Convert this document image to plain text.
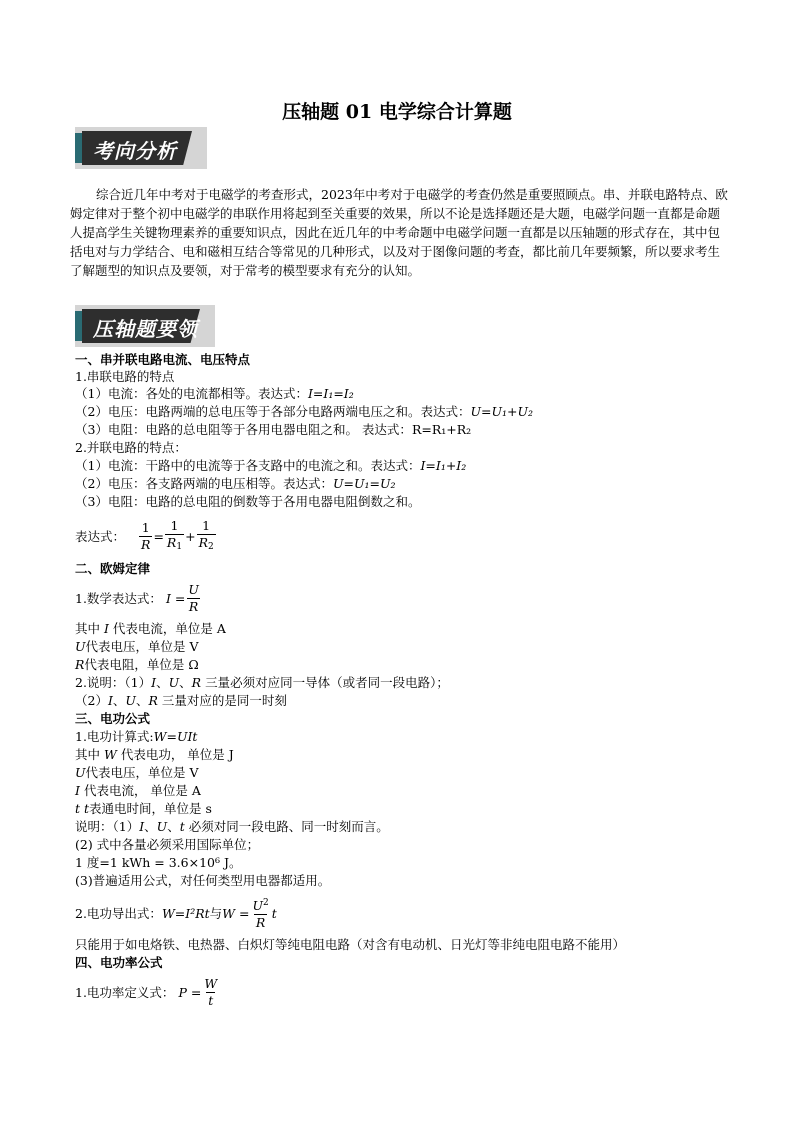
压轴题 01 电学综合计算题
考向分析
综合近几年中考对于电磁学的考查形式，2023年中考对于电磁学的考查仍然是重要照顾点。串、并联电路特点、欧姆定律对于整个初中电磁学的串联作用将起到至关重要的效果，所以不论是选择题还是大题，电磁学问题一直都是命题人提高学生关键物理素养的重要知识点，因此在近几年的中考命题中电磁学问题一直都是以压轴题的形式存在，其中包括电对与力学结合、电和磁相互结合等常见的几种形式，以及对于图像问题的考查，都比前几年要频繁，所以要求考生了解题型的知识点及要领，对于常考的模型要求有充分的认知。
压轴题要领
一、串并联电路电流、电压特点
1.串联电路的特点
（1）电流：各处的电流都相等。表达式：I=I₁=I₂
（2）电压：电路两端的总电压等于各部分电路两端电压之和。表达式：U=U₁+U₂
（3）电阻：电路的总电阻等于各用电器电阻之和。 表达式：R=R₁+R₂
2.并联电路的特点：
（1）电流：干路中的电流等于各支路中的电流之和。表达式：I=I₁+I₂
（2）电压：各支路两端的电压相等。表达式：U=U₁=U₂
（3）电阻：电路的总电阻的倒数等于各用电器电阻倒数之和。
表达式： $\frac{1}{R} = \frac{1}{R_1} + \frac{1}{R_2}$
二、欧姆定律
1.数学表达式： $I = \frac{U}{R}$
其中 I 代表电流，单位是 A
U代表电压，单位是 V
R代表电阻，单位是 Ω
2.说明：（1）I、U、R 三量必须对应同一导体（或者同一段电路）；
（2）I、U、R 三量对应的是同一时刻
三、电功公式
1.电功计算式:W=UIt
其中 W 代表电功， 单位是 J
U代表电压，单位是 V
I 代表电流， 单位是 A
t t表通电时间，单位是 s
说明：（1）I、U、t 必须对同一段电路、同一时刻而言。
(2) 式中各量必须采用国际单位；
1 度=1 kWh = 3.6×10⁶ J。
(3)普遍适用公式，对任何类型用电器都适用。
2.电功导出式： W=I²Rt 与 $W = \frac{U^2}{R}$ t
只能用于如电烙铁、电热器、白炽灯等纯电阻电路（对含有电动机、日光灯等非纯电阻电路不能用）
四、电功率公式
1.电功率定义式： $P = \frac{W}{t}$
